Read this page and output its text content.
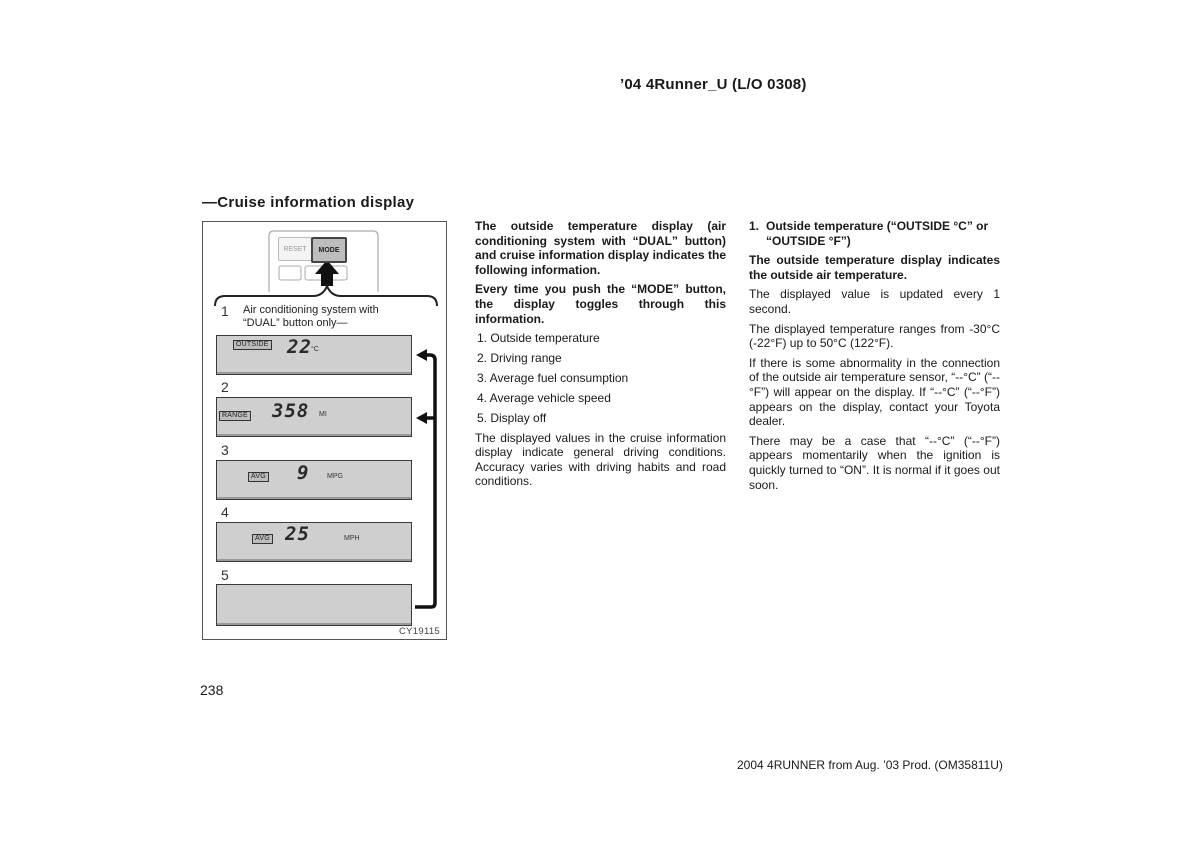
’04 4Runner_U (L/O 0308)
—Cruise information display
RESET	MODE
1 Air conditioning system with “DUAL” button only—
OUTSIDE 22 °C
2
RANGE 358 MI
3
AVG 9	MPG
4
AVG 25	MPH
5
CY19115

The outside temperature display (air conditioning system with “DUAL” button) and cruise information display indicates the following information.

Every time you push the “MODE” button, the display toggles through this information.

1. Outside temperature
2. Driving range
3. Average fuel consumption
4. Average vehicle speed
5. Display off

The displayed values in the cruise information display indicate general driving conditions. Accuracy varies with driving habits and road conditions.

1. Outside temperature (“OUTSIDE °C” or “OUTSIDE °F”)

The outside temperature display indicates the outside air temperature.

The displayed value is updated every 1 second.

The displayed temperature ranges from -30°C (-22°F) up to 50°C (122°F).

If there is some abnormality in the connection of the outside air temperature sensor, “--°C” (“--°F”) will appear on the display. If “--°C” (“--°F”) appears on the display, contact your Toyota dealer.

There may be a case that “--°C” (“--°F”) appears momentarily when the ignition is quickly turned to “ON”. It is normal if it goes out soon.

238
2004 4RUNNER from Aug. ’03 Prod. (OM35811U)
